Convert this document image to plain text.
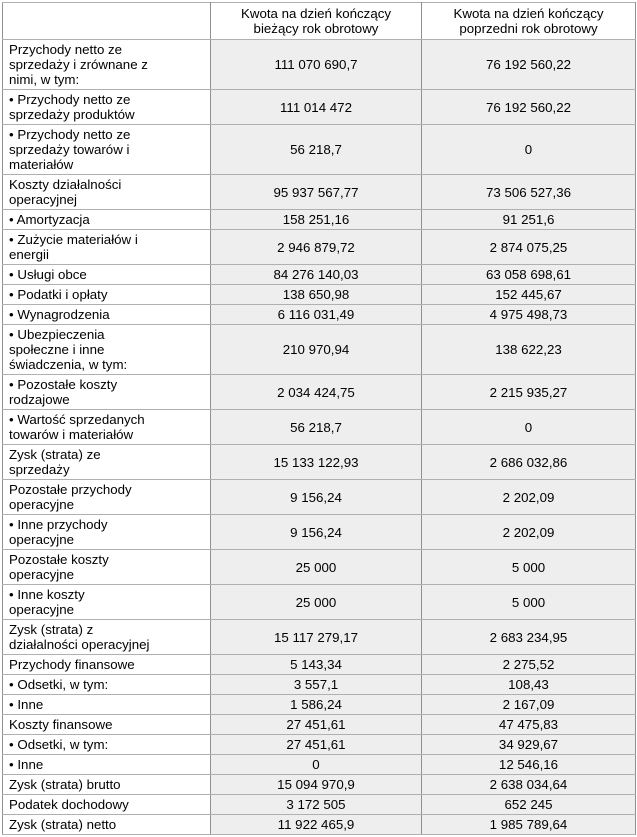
	Kwota na dzień kończący bieżący rok obrotowy	Kwota na dzień kończący poprzedni rok obrotowy

Przychody netto ze sprzedaży i zrównane z nimi, w tym:	111 070 690,7	76 192 560,22

• Przychody netto ze sprzedaży produktów	111 014 472	76 192 560,22

• Przychody netto ze sprzedaży towarów i materiałów	56 218,7	0

Koszty działalności operacyjnej	95 937 567,77	73 506 527,36

• Amortyzacja	158 251,16	91 251,6

• Zużycie materiałów i energii	2 946 879,72	2 874 075,25

• Usługi obce	84 276 140,03	63 058 698,61

• Podatki i opłaty	138 650,98	152 445,67

• Wynagrodzenia	6 116 031,49	4 975 498,73

• Ubezpieczenia społeczne i inne świadczenia, w tym:	210 970,94	138 622,23

• Pozostałe koszty rodzajowe	2 034 424,75	2 215 935,27

• Wartość sprzedanych towarów i materiałów	56 218,7	0

Zysk (strata) ze sprzedaży	15 133 122,93	2 686 032,86

Pozostałe przychody operacyjne	9 156,24	2 202,09

• Inne przychody operacyjne	9 156,24	2 202,09

Pozostałe koszty operacyjne	25 000	5 000

• Inne koszty operacyjne	25 000	5 000

Zysk (strata) z działalności operacyjnej	15 117 279,17	2 683 234,95

Przychody finansowe	5 143,34	2 275,52

• Odsetki, w tym:	3 557,1	108,43

• Inne	1 586,24	2 167,09

Koszty finansowe	27 451,61	47 475,83

• Odsetki, w tym:	27 451,61	34 929,67

• Inne	0	12 546,16

Zysk (strata) brutto	15 094 970,9	2 638 034,64

Podatek dochodowy	3 172 505	652 245

Zysk (strata) netto	11 922 465,9	1 985 789,64
